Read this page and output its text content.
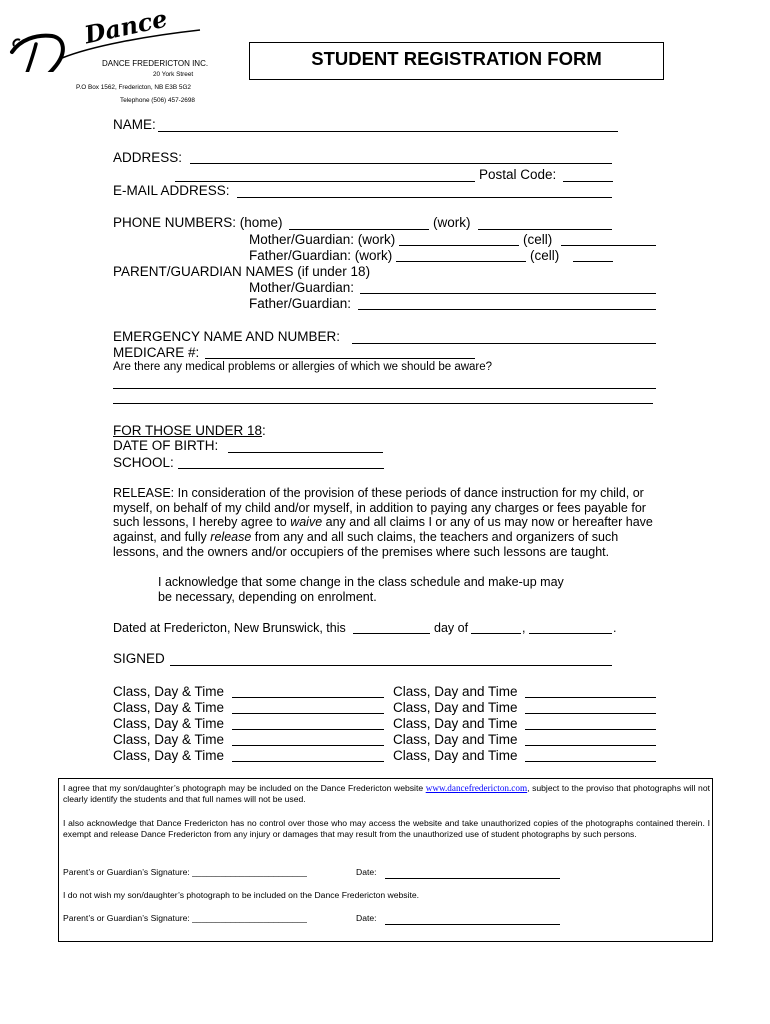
Dance
DANCE FREDERICTON INC.
20 York Street
P.O Box 1562, Fredericton, NB E3B 5G2
Telephone (506) 457-2698
STUDENT REGISTRATION FORM
NAME:
ADDRESS:
Postal Code:
E-MAIL ADDRESS:
PHONE NUMBERS: (home)	(work)
Mother/Guardian: (work)	(cell)
Father/Guardian: (work)	(cell)
PARENT/GUARDIAN NAMES (if under 18)
Mother/Guardian:
Father/Guardian:
EMERGENCY NAME AND NUMBER:
MEDICARE #:
Are there any medical problems or allergies of which we should be aware?
FOR THOSE UNDER 18:
DATE OF BIRTH:
SCHOOL:
RELEASE: In consideration of the provision of these periods of dance instruction for my child, or myself, on behalf of my child and/or myself, in addition to paying any charges or fees payable for such lessons, I hereby agree to waive any and all claims I or any of us may now or hereafter have against, and fully release from any and all such claims, the teachers and organizers of such lessons, and the owners and/or occupiers of the premises where such lessons are taught.
I acknowledge that some change in the class schedule and make-up may be necessary, depending on enrolment.
Dated at Fredericton, New Brunswick, this	day of	,	.
SIGNED
Class, Day & Time	Class, Day and Time
Class, Day & Time	Class, Day and Time
Class, Day & Time	Class, Day and Time
Class, Day & Time	Class, Day and Time
Class, Day & Time	Class, Day and Time
I agree that my son/daughter’s photograph may be included on the Dance Fredericton website www.dancefredericton.com, subject to the proviso that photographs will not clearly identify the students and that full names will not be used.
I also acknowledge that Dance Fredericton has no control over those who may access the website and take unauthorized copies of the photographs contained therein. I exempt and release Dance Fredericton from any injury or damages that may result from the unauthorized use of student photographs by such persons.
Parent’s or Guardian’s Signature: ________________________	Date:
I do not wish my son/daughter’s photograph to be included on the Dance Fredericton website.
Parent’s or Guardian’s Signature: ________________________	Date:
